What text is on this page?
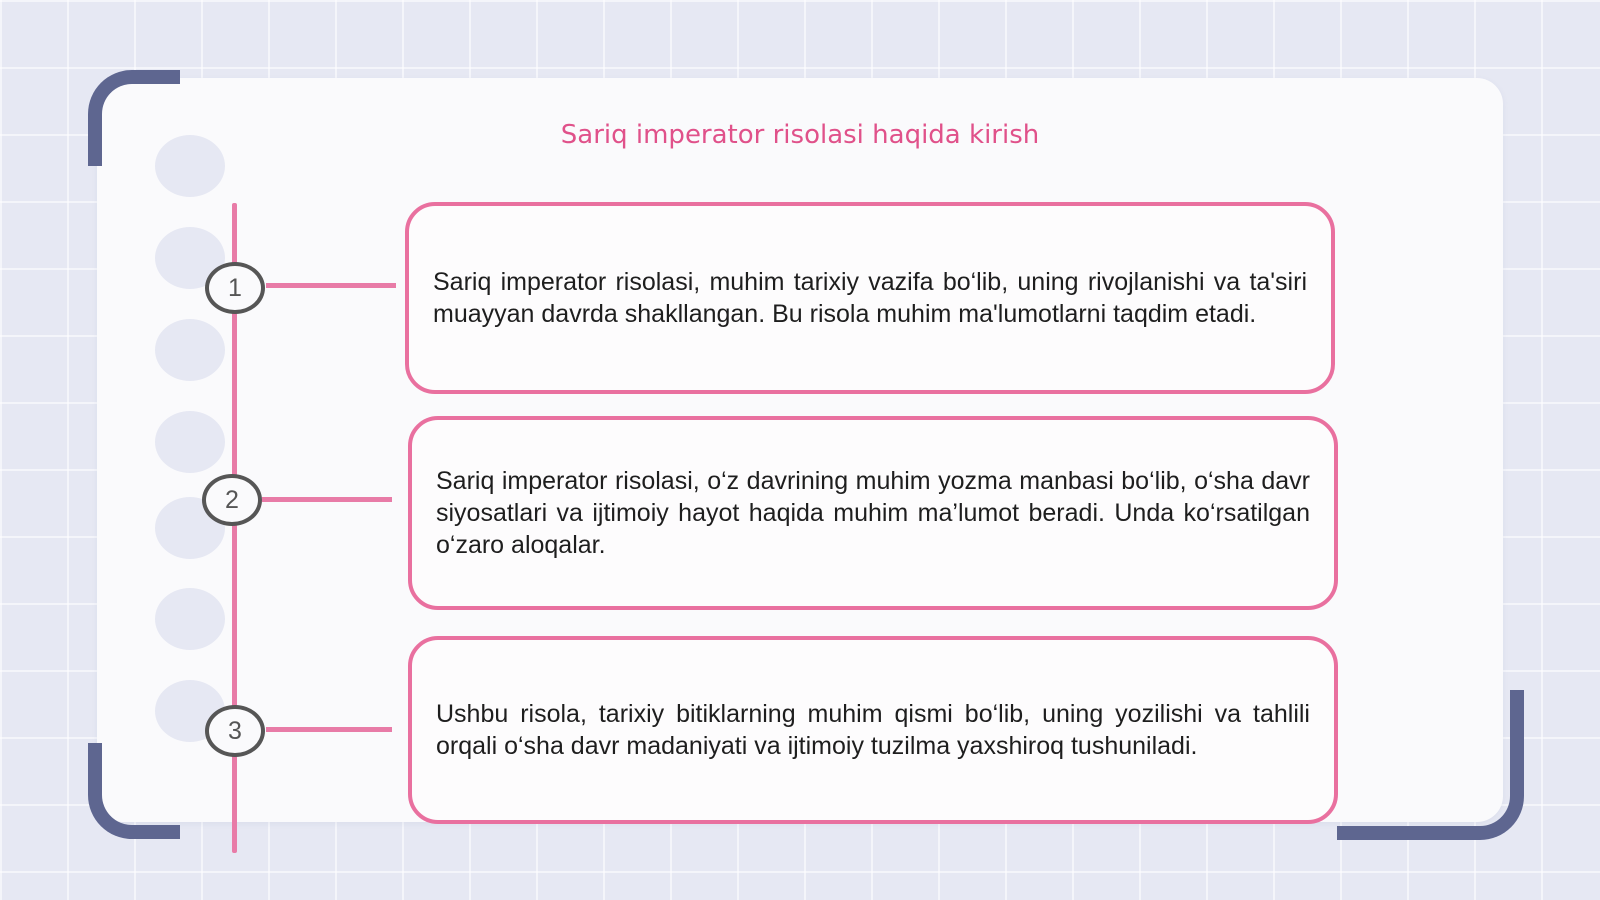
Sariq imperator risolasi haqida kirish
1
2
3

Sariq imperator risolasi, muhim tarixiy vazifa bo‘lib, uning rivojlanishi va ta'siri muayyan davrda shakllangan. Bu risola muhim ma'lumotlarni taqdim etadi.

Sariq imperator risolasi, o‘z davrining muhim yozma manbasi bo‘lib, o‘sha davr siyosatlari va ijtimoiy hayot haqida muhim ma’lumot beradi. Unda ko‘rsatilgan o‘zaro aloqalar.

Ushbu risola, tarixiy bitiklarning muhim qismi bo‘lib, uning yozilishi va tahlili orqali o‘sha davr madaniyati va ijtimoiy tuzilma yaxshiroq tushuniladi.
